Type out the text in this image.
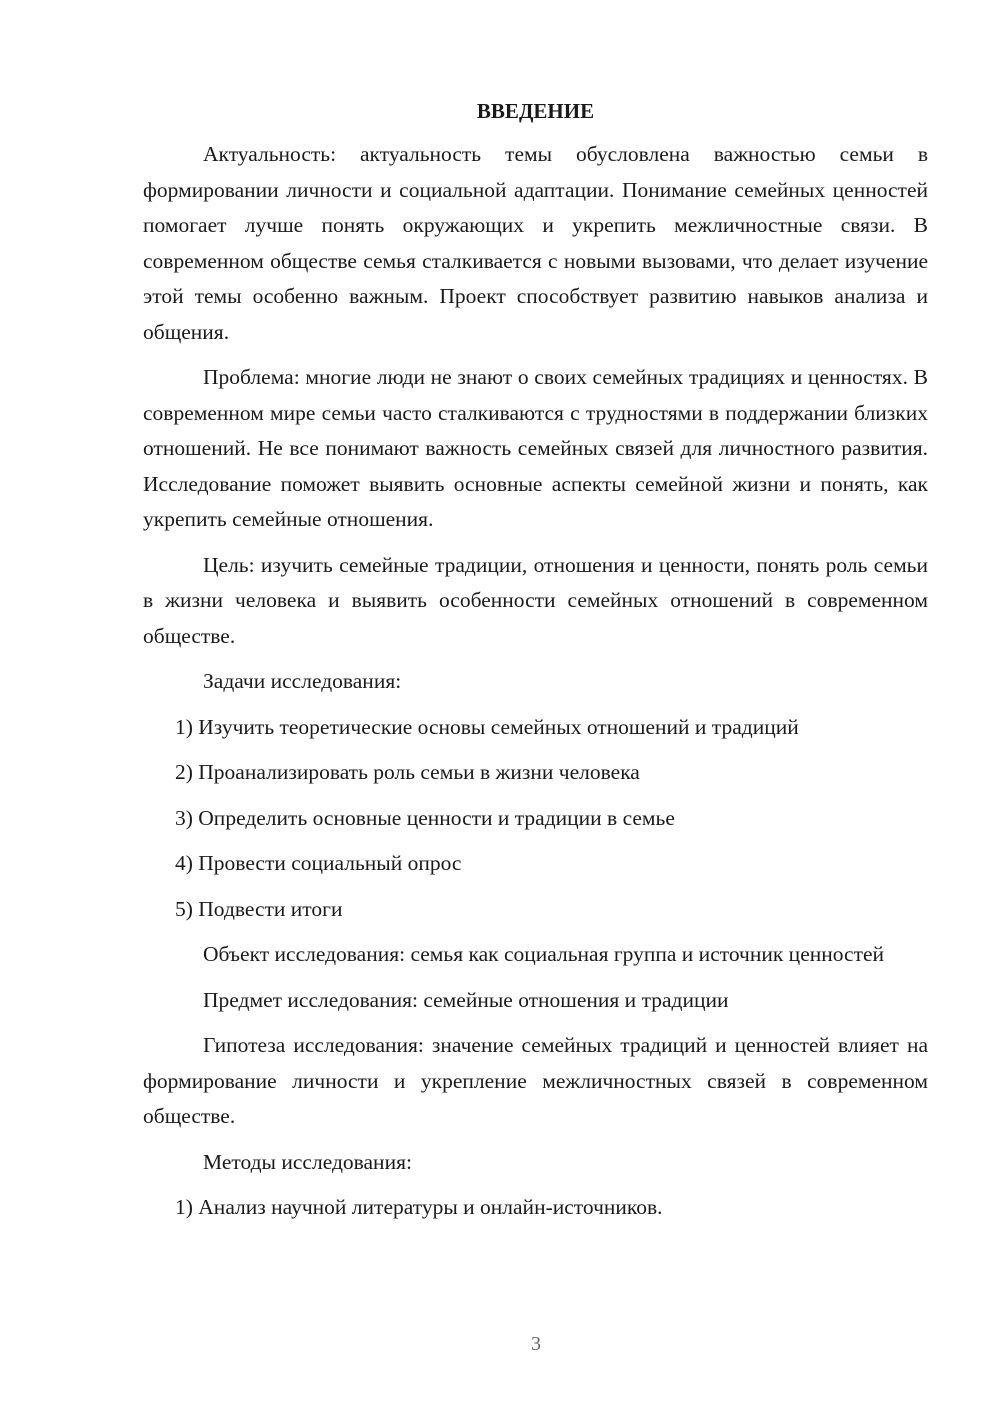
ВВЕДЕНИЕ

Актуальность: актуальность темы обусловлена важностью семьи в формировании личности и социальной адаптации. Понимание семейных ценностей помогает лучше понять окружающих и укрепить межличностные связи. В современном обществе семья сталкивается с новыми вызовами, что делает изучение этой темы особенно важным. Проект способствует развитию навыков анализа и общения.

Проблема: многие люди не знают о своих семейных традициях и ценностях. В современном мире семьи часто сталкиваются с трудностями в поддержании близких отношений. Не все понимают важность семейных связей для личностного развития. Исследование поможет выявить основные аспекты семейной жизни и понять, как укрепить семейные отношения.

Цель: изучить семейные традиции, отношения и ценности, понять роль семьи в жизни человека и выявить особенности семейных отношений в современном обществе.

Задачи исследования:

1) Изучить теоретические основы семейных отношений и традиций
2) Проанализировать роль семьи в жизни человека
3) Определить основные ценности и традиции в семье
4) Провести социальный опрос
5) Подвести итоги

Объект исследования: семья как социальная группа и источник ценностей

Предмет исследования: семейные отношения и традиции

Гипотеза исследования: значение семейных традиций и ценностей влияет на формирование личности и укрепление межличностных связей в современном обществе.

Методы исследования:

1) Анализ научной литературы и онлайн-источников.
3
